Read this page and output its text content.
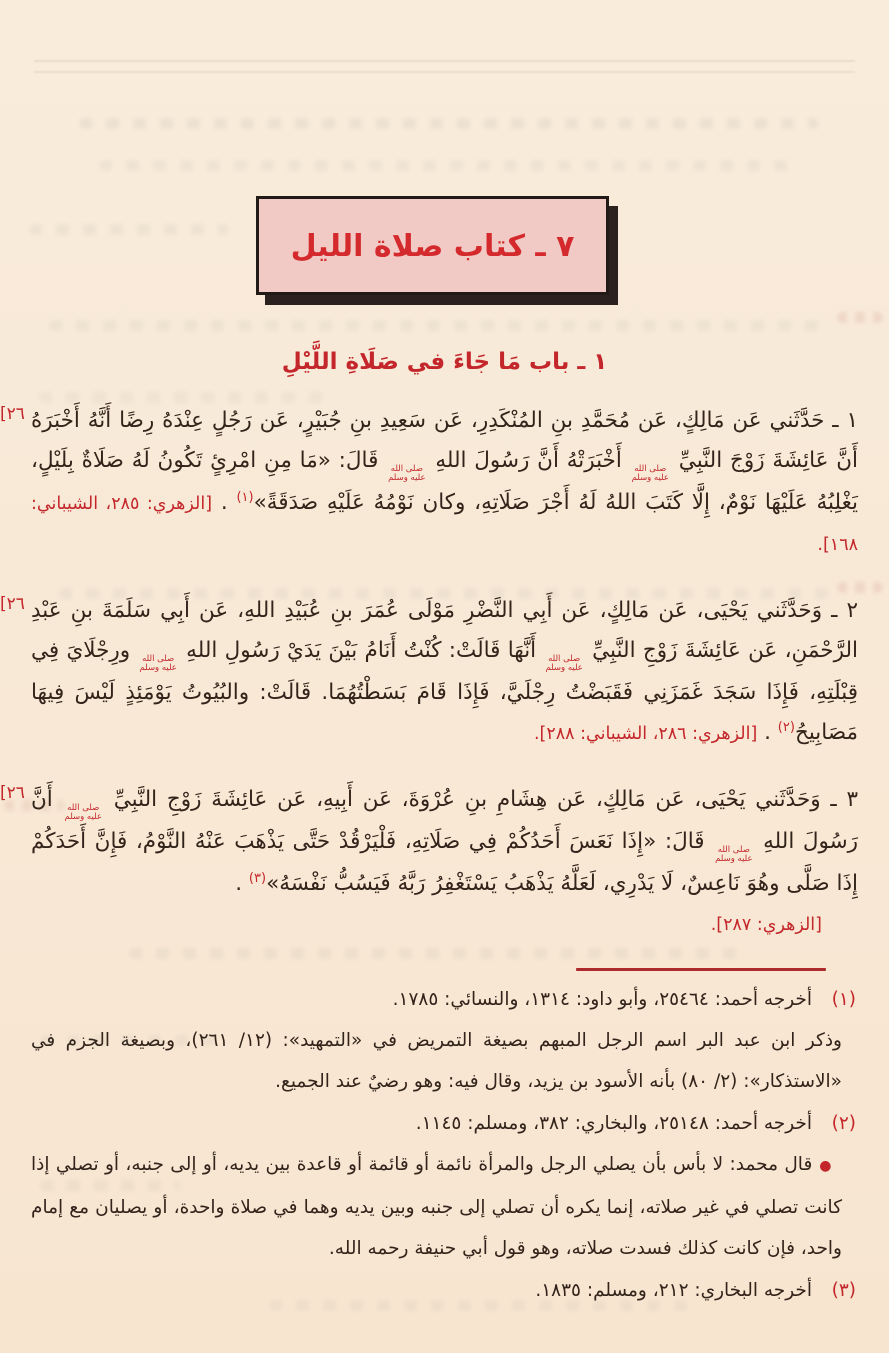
٧ ـ كتاب صلاة الليل
١ ـ باب مَا جَاءَ في صَلَاةِ اللَّيْلِ
[٢٦ ١ ـ حَدَّثَني عَن مَالِكٍ، عَن مُحَمَّدِ بنِ المُنْكَدِرِ، عَن سَعِيدِ بنِ جُبَيْرٍ، عَن رَجُلٍ عِنْدَهُ رِضًا أَنَّهُ أَخْبَرَهُ أَنَّ عَائِشَةَ زَوْجَ النَّبِيِّ
صلى الله
عليه وسلم
أَخْبَرَتْهُ أَنَّ رَسُولَ اللهِ
صلى الله
عليه وسلم
قَالَ: «مَا مِنِ امْرِئٍ تَكُونُ لَهُ صَلَاةٌ بِلَيْلٍ، يَغْلِبُهُ عَلَيْهَا نَوْمٌ، إِلَّا كَتَبَ اللهُ لَهُ أَجْرَ صَلَاتِهِ، وكان نَوْمُهُ عَلَيْهِ صَدَقَةً»$^{(١)}$ . [الزهري: ٢٨٥، الشيباني: ١٦٨].
[٢٦ ٢ ـ وَحَدَّثَني يَحْيَى، عَن مَالِكٍ، عَن أَبِي النَّضْرِ مَوْلَى عُمَرَ بنِ عُبَيْدِ اللهِ، عَن أَبِي سَلَمَةَ بنِ عَبْدِ الرَّحْمَنِ، عَن عَائِشَةَ زَوْجِ النَّبِيِّ
صلى الله
عليه وسلم
أَنَّهَا قَالَتْ: كُنْتُ أَنَامُ بَيْنَ يَدَيْ رَسُولِ اللهِ
صلى الله
عليه وسلم
ورِجْلَايَ فِي قِبْلَتِهِ، فَإِذَا سَجَدَ غَمَزَنِي فَقَبَضْتُ رِجْلَيَّ، فَإِذَا قَامَ بَسَطْتُهُمَا. قَالَتْ: والبُيُوتُ يَوْمَئِذٍ لَيْسَ فِيهَا مَصَابِيحُ$^{(٢)}$ . [الزهري: ٢٨٦، الشيباني: ٢٨٨].
[٢٦	٣ ـ وَحَدَّثَني يَحْيَى، عَن مَالِكٍ، عَن هِشَامِ بنِ عُرْوَةَ، عَن أَبِيهِ، عَن عَائِشَةَ زَوْجِ النَّبِيِّ
صلى الله
عليه وسلم
أَنَّ رَسُولَ اللهِ
صلى الله
عليه وسلم
قَالَ: «إِذَا نَعَسَ أَحَدُكُمْ فِي صَلَاتِهِ، فَلْيَرْقُدْ حَتَّى يَذْهَبَ عَنْهُ النَّوْمُ، فَإِنَّ أَحَدَكُمْ إِذَا صَلَّى وهُوَ نَاعِسٌ، لَا يَدْرِي، لَعَلَّهُ يَذْهَبُ يَسْتَغْفِرُ رَبَّهُ فَيَسُبُّ نَفْسَهُ»$^{(٣)}$ .
[الزهري: ٢٨٧].
(١)
أخرجه أحمد: ٢٥٤٦٤، وأبو داود: ١٣١٤، والنسائي: ١٧٨٥.
وذكر ابن عبد البر اسم الرجل المبهم بصيغة التمريض في «التمهيد»: (١٢/ ٢٦١)، وبصيغة الجزم في «الاستذكار»: (٢/ ٨٠) بأنه الأسود بن يزيد، وقال فيه: وهو رضيٌ عند الجميع.
(٢)
أخرجه أحمد: ٢٥١٤٨، والبخاري: ٣٨٢، ومسلم: ١١٤٥.
●قال محمد: لا بأس بأن يصلي الرجل والمرأة نائمة أو قائمة أو قاعدة بين يديه، أو إلى جنبه، أو تصلي إذا كانت تصلي في غير صلاته، إنما يكره أن تصلي إلى جنبه وبين يديه وهما في صلاة واحدة، أو يصليان مع إمام واحد، فإن كانت كذلك فسدت صلاته، وهو قول أبي حنيفة رحمه الله.
(٣)
أخرجه البخاري: ٢١٢، ومسلم: ١٨٣٥.
